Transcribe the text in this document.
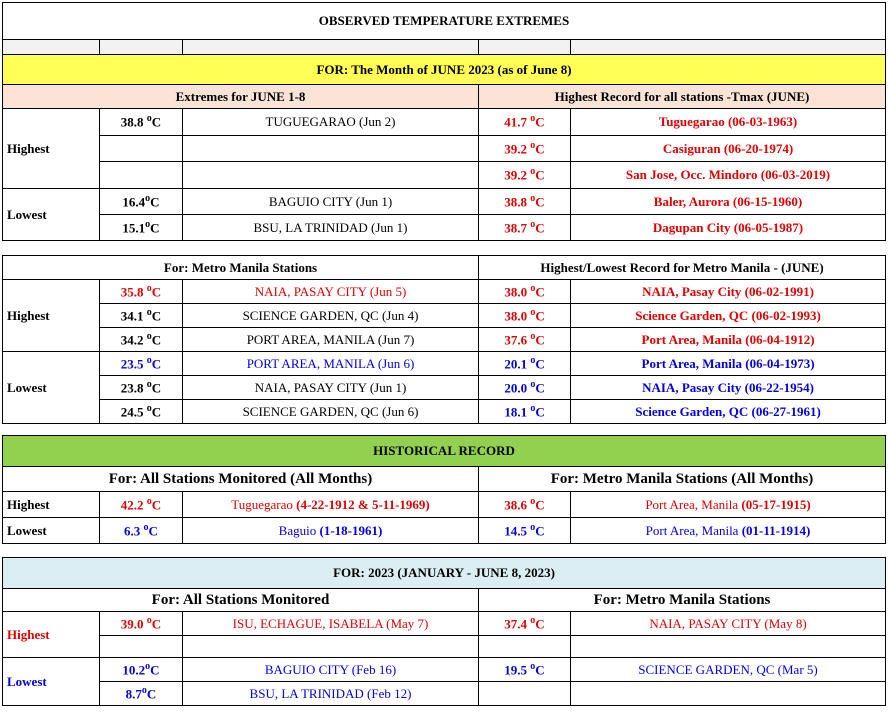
OBSERVED TEMPERATURE EXTREMES				

FOR: The Month of JUNE 2023 (as of June 8)				
Extremes for JUNE 1-8			Highest Record for all stations -Tmax (JUNE)	
Highest	38.8 $^o$C	TUGUEGARAO (Jun 2)	41.7 $^o$C	Tuguegarao (06-03-1963)
			39.2 $^o$C	Casiguran (06-20-1974)
			39.2 $^o$C	San Jose, Occ. Mindoro (06-03-2019)
Lowest	16.4$^o$C	BAGUIO CITY (Jun 1)	38.8 $^o$C	Baler, Aurora (06-15-1960)
	15.1$^o$C	BSU, LA TRINIDAD (Jun 1)	38.7 $^o$C	Dagupan City (06-05-1987)
For: Metro Manila Stations			Highest/Lowest Record for Metro Manila - (JUNE)	
Highest	35.8 $^o$C	NAIA, PASAY CITY (Jun 5)	38.0 $^o$C	NAIA, Pasay City (06-02-1991)
	34.1 $^o$C	SCIENCE GARDEN, QC (Jun 4)	38.0 $^o$C	Science Garden, QC (06-02-1993)
	34.2 $^o$C	PORT AREA, MANILA (Jun 7)	37.6 $^o$C	Port Area, Manila (06-04-1912)
Lowest	23.5 $^o$C	PORT AREA, MANILA (Jun 6)	20.1 $^o$C	Port Area, Manila (06-04-1973)
	23.8 $^o$C	NAIA, PASAY CITY (Jun 1)	20.0 $^o$C	NAIA, Pasay City (06-22-1954)
	24.5 $^o$C	SCIENCE GARDEN, QC (Jun 6)	18.1 $^o$C	Science Garden, QC (06-27-1961)
HISTORICAL RECORD				
For: All Stations Monitored (All Months)			For: Metro Manila Stations (All Months)	
Highest	42.2 $^o$C	Tuguegarao (4-22-1912 & 5-11-1969)	38.6 $^o$C	Port Area, Manila (05-17-1915)
Lowest	6.3 $^o$C	Baguio (1-18-1961)	14.5 $^o$C	Port Area, Manila (01-11-1914)
FOR: 2023 (JANUARY - JUNE 8, 2023)				
For: All Stations Monitored			For: Metro Manila Stations	
Highest	39.0 $^o$C	ISU, ECHAGUE, ISABELA (May 7)	37.4 $^o$C	NAIA, PASAY CITY (May 8)

Lowest	10.2$^o$C	BAGUIO CITY (Feb 16)	19.5 $^o$C	SCIENCE GARDEN, QC (Mar 5)
	8.7$^o$C	BSU, LA TRINIDAD (Feb 12)		
